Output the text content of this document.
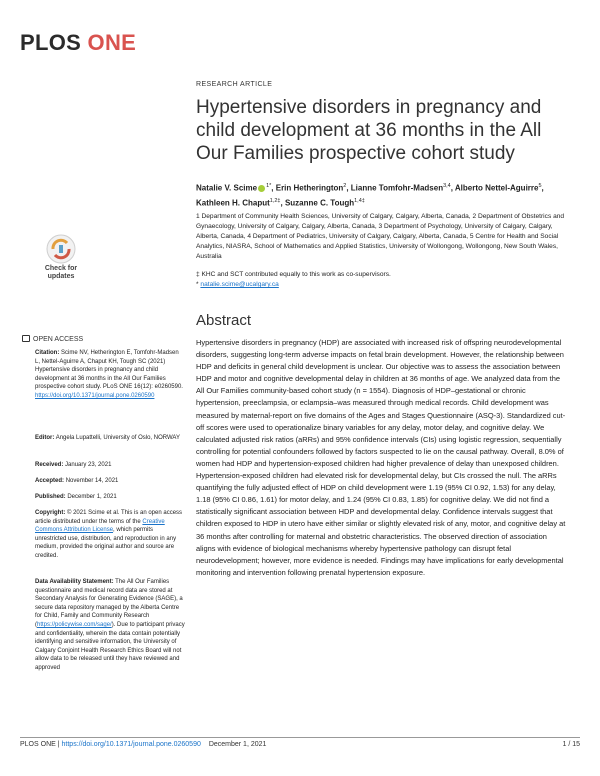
PLOS ONE
RESEARCH ARTICLE
Hypertensive disorders in pregnancy and child development at 36 months in the All Our Families prospective cohort study
Natalie V. Scime $^{1*}$, Erin Hetherington$^2$, Lianne Tomfohr-Madsen$^{3,4}$, Alberto Nettel-Aguirre$^5$, Kathleen H. Chaput$^{1,2\ddagger}$, Suzanne C. Tough$^{1,4\ddagger}$
1 Department of Community Health Sciences, University of Calgary, Calgary, Alberta, Canada, 2 Department of Obstetrics and Gynaecology, University of Calgary, Calgary, Alberta, Canada, 3 Department of Psychology, University of Calgary, Calgary, Alberta, Canada, 4 Department of Pediatrics, University of Calgary, Calgary, Alberta, Canada, 5 Centre for Health and Social Analytics, NIASRA, School of Mathematics and Applied Statistics, University of Wollongong, Wollongong, New South Wales, Australia
‡ KHC and SCT contributed equally to this work as co-supervisors.
* natalie.scime@ucalgary.ca
Check for updates
OPEN ACCESS
Citation: Scime NV, Hetherington E, Tomfohr-Madsen L, Nettel-Aguirre A, Chaput KH, Tough SC (2021) Hypertensive disorders in pregnancy and child development at 36 months in the All Our Families prospective cohort study. PLoS ONE 16(12): e0260590. https://doi.org/10.1371/journal.pone.0260590
Editor: Angela Lupattelli, University of Oslo, NORWAY
Received: January 23, 2021
Accepted: November 14, 2021
Published: December 1, 2021
Copyright: © 2021 Scime et al. This is an open access article distributed under the terms of the Creative Commons Attribution License, which permits unrestricted use, distribution, and reproduction in any medium, provided the original author and source are credited.
Data Availability Statement: The All Our Families questionnaire and medical record data are stored at Secondary Analysis for Generating Evidence (SAGE), a secure data repository managed by the Alberta Centre for Child, Family and Community Research (https://policywise.com/sage/). Due to participant privacy and confidentiality, wherein the data contain potentially identifying and sensitive information, the University of Calgary Conjoint Health Research Ethics Board will not allow data to be released until they have reviewed and approved
Abstract
Hypertensive disorders in pregnancy (HDP) are associated with increased risk of offspring neurodevelopmental disorders, suggesting long-term adverse impacts on fetal brain development. However, the relationship between HDP and deficits in general child development is unclear. Our objective was to assess the association between HDP and motor and cognitive developmental delay in children at 36 months of age. We analyzed data from the All Our Families community-based cohort study (n = 1554). Diagnosis of HDP–gestational or chronic hypertension, preeclampsia, or eclampsia–was measured through medical records. Child development was measured by maternal-report on five domains of the Ages and Stages Questionnaire (ASQ-3). Standardized cut-off scores were used to operationalize binary variables for any delay, motor delay, and cognitive delay. We calculated adjusted risk ratios (aRRs) and 95% confidence intervals (CIs) using logistic regression, sequentially controlling for potential confounders followed by factors suspected to lie on the causal pathway. Overall, 8.0% of women had HDP and hypertension-exposed children had higher prevalence of delay than unexposed children. Hypertension-exposed children had elevated risk for developmental delay, but CIs crossed the null. The aRRs quantifying the fully adjusted effect of HDP on child development were 1.19 (95% CI 0.92, 1.53) for any delay, 1.18 (95% CI 0.86, 1.61) for motor delay, and 1.24 (95% CI 0.83, 1.85) for cognitive delay. We did not find a statistically significant association between HDP and developmental delay. Confidence intervals suggest that children exposed to HDP in utero have either similar or slightly elevated risk of any, motor, and cognitive delay at 36 months after controlling for maternal and obstetric characteristics. The observed direction of association aligns with evidence of biological mechanisms whereby hypertensive pathology can disrupt fetal neurodevelopment; however, more evidence is needed. Findings may have implications for early developmental monitoring and intervention following prenatal hypertension exposure.
PLOS ONE | https://doi.org/10.1371/journal.pone.0260590 December 1, 2021	1 / 15
